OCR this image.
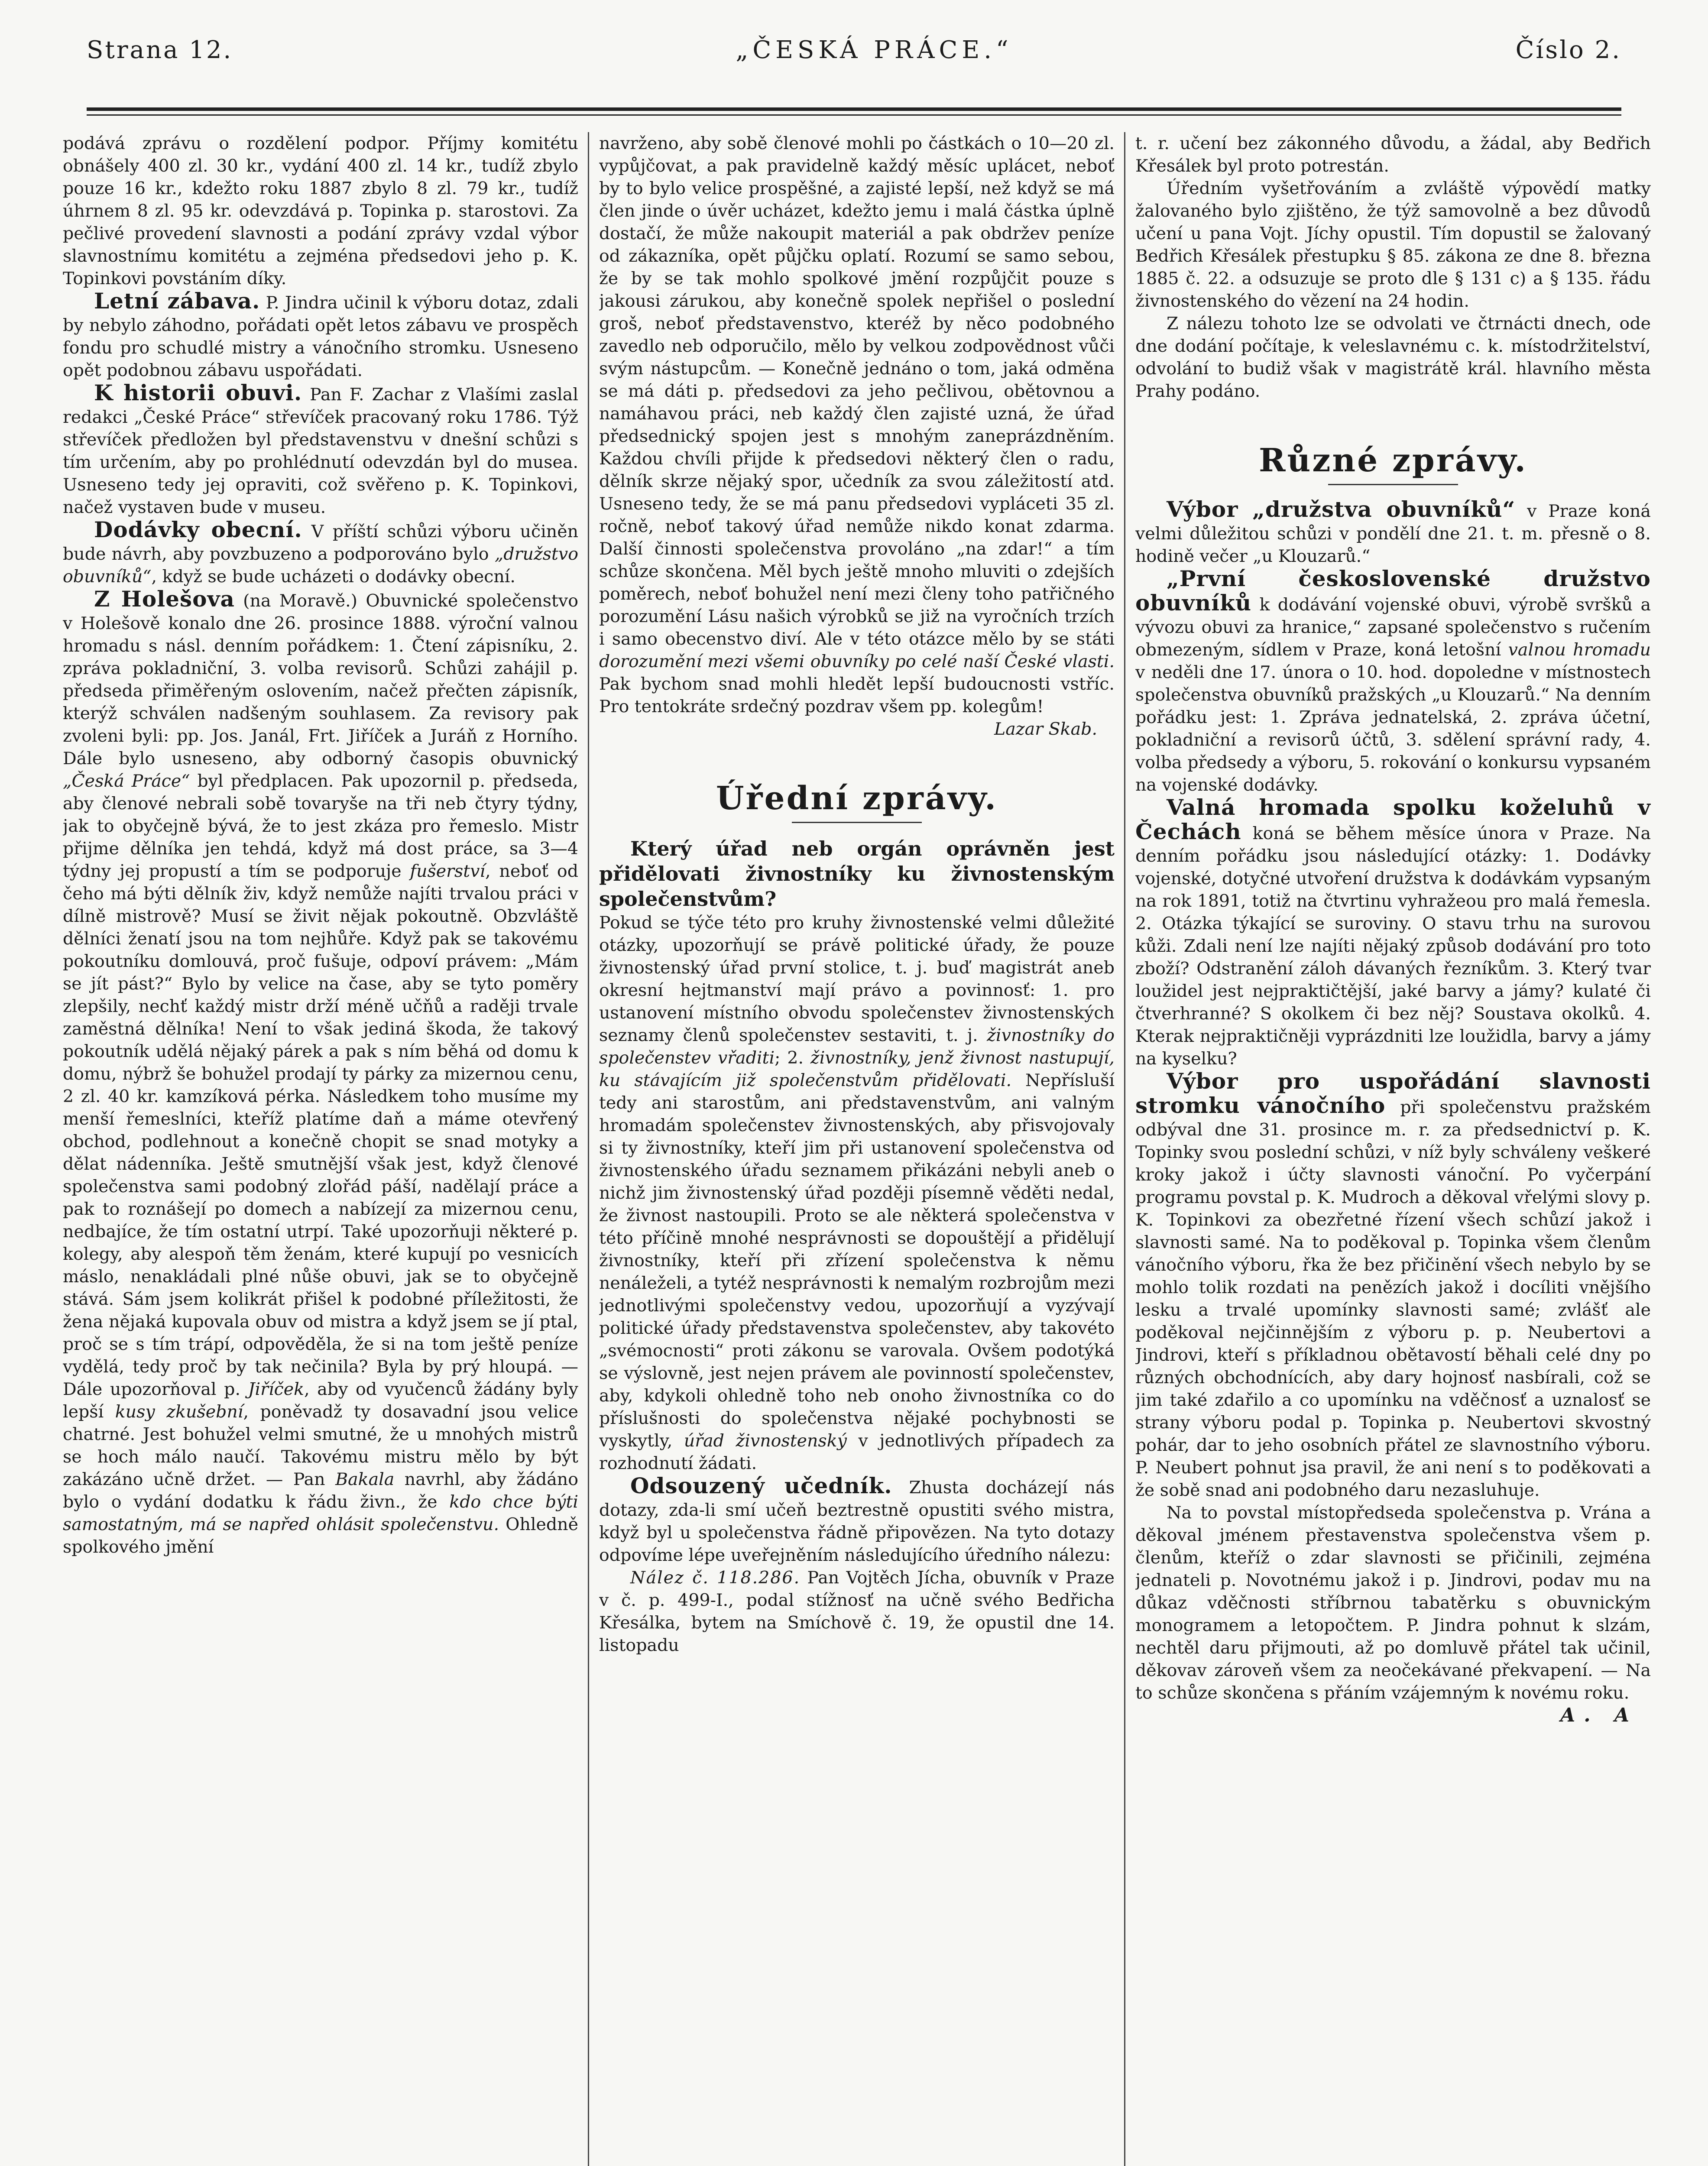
Strana 12.	„ČESKÁ PRÁCE.“	Číslo 2.

podává zprávu o rozdělení podpor. Příjmy komitétu obnášely 400 zl. 30 kr., vydání 400 zl. 14 kr., tudíž zbylo pouze 16 kr., kdežto roku 1887 zbylo 8 zl. 79 kr., tudíž úhrnem 8 zl. 95 kr. odevzdává p. Topinka p. starostovi. Za pečlivé provedení slavnosti a podání zprávy vzdal výbor slavnostnímu komitétu a zejména předsedovi jeho p. K. Topinkovi povstáním díky.

Letní zábava. P. Jindra učinil k výboru dotaz, zdali by nebylo záhodno, pořádati opět letos zábavu ve prospěch fondu pro schudlé mistry a vánočního stromku. Usneseno opět podobnou zábavu uspořádati.

K historii obuvi. Pan F. Zachar z Vlašími zaslal redakci „České Práce“ střevíček pracovaný roku 1786. Týž střevíček předložen byl představenstvu v dnešní schůzi s tím určením, aby po prohlédnutí odevzdán byl do musea. Usneseno tedy jej opraviti, což svěřeno p. K. Topinkovi, načež vystaven bude v museu.

Dodávky obecní. V příští schůzi výboru učiněn bude návrh, aby povzbuzeno a podporováno bylo „družstvo obuvníků“, když se bude ucházeti o dodávky obecní.

Z Holešova (na Moravě.) Obuvnické společenstvo v Holešově konalo dne 26. prosince 1888. výroční valnou hromadu s násl. denním pořádkem: 1. Čtení zápisníku, 2. zpráva pokladniční, 3. volba revisorů. Schůzi zahájil p. předseda přiměřeným oslovením, načež přečten zápisník, kterýž schválen nadšeným souhlasem. Za revisory pak zvoleni byli: pp. Jos. Janál, Frt. Jiříček a Juráň z Horního. Dále bylo usneseno, aby odborný časopis obuvnický „Česká Práce“ byl předplacen. Pak upozornil p. předseda, aby členové nebrali sobě tovaryše na tři neb čtyry týdny, jak to obyčejně bývá, že to jest zkáza pro řemeslo. Mistr přijme dělníka jen tehdá, když má dost práce, sa 3—4 týdny jej propustí a tím se podporuje fušerství, neboť od čeho má býti dělník živ, když nemůže najíti trvalou práci v dílně mistrově? Musí se živit nějak pokoutně. Obzvláště dělníci ženatí jsou na tom nejhůře. Když pak se takovému pokoutníku domlouvá, proč fušuje, odpoví právem: „Mám se jít pást?“ Bylo by velice na čase, aby se tyto poměry zlepšily, nechť každý mistr drží méně učňů a raději trvale zaměstná dělníka! Není to však jediná škoda, že takový pokoutník udělá nějaký párek a pak s ním běhá od domu k domu, nýbrž še bohužel prodají ty párky za mizernou cenu, 2 zl. 40 kr. kamzíková pérka. Následkem toho musíme my menší řemeslníci, kteříž platíme daň a máme otevřený obchod, podlehnout a konečně chopit se snad motyky a dělat nádenníka. Ještě smutnější však jest, když členové společenstva sami podobný zlořád páší, nadělají práce a pak to roznášejí po domech a nabízejí za mizernou cenu, nedbajíce, že tím ostatní utrpí. Také upozorňuji některé p. kolegy, aby alespoň těm ženám, které kupují po vesnicích máslo, nenakládali plné nůše obuvi, jak se to obyčejně stává. Sám jsem kolikrát přišel k podobné příležitosti, že žena nějaká kupovala obuv od mistra a když jsem se jí ptal, proč se s tím trápí, odpověděla, že si na tom ještě peníze vydělá, tedy proč by tak nečinila? Byla by prý hloupá. — Dále upozorňoval p. Jiříček, aby od vyučenců žádány byly lepší kusy zkušební, poněvadž ty dosavadní jsou velice chatrné. Jest bohužel velmi smutné, že u mnohých mistrů se hoch málo naučí. Takovému mistru mělo by být zakázáno učně držet. — Pan Bakala navrhl, aby žádáno bylo o vydání dodatku k řádu živn., že kdo chce býti samostatným, má se napřed ohlásit společenstvu. Ohledně spolkového jmění

navrženo, aby sobě členové mohli po částkách o 10—20 zl. vypůjčovat, a pak pravidelně každý měsíc uplácet, neboť by to bylo velice prospěšné, a zajisté lepší, než když se má člen jinde o úvěr ucházet, kdežto jemu i malá částka úplně dostačí, že může nakoupit materiál a pak obdržev peníze od zákazníka, opět půjčku oplatí. Rozumí se samo sebou, že by se tak mohlo spolkové jmění rozpůjčit pouze s jakousi zárukou, aby konečně spolek nepřišel o poslední groš, neboť představenstvo, kteréž by něco podobného zavedlo neb odporučilo, mělo by velkou zodpovědnost vůči svým nástupcům. — Konečně jednáno o tom, jaká odměna se má dáti p. předsedovi za jeho pečlivou, obětovnou a namáhavou práci, neb každý člen zajisté uzná, že úřad předsednický spojen jest s mnohým zaneprázdněním. Každou chvíli přijde k předsedovi některý člen o radu, dělník skrze nějaký spor, učedník za svou záležitostí atd. Usneseno tedy, že se má panu předsedovi vypláceti 35 zl. ročně, neboť takový úřad nemůže nikdo konat zdarma. Další činnosti společenstva provoláno „na zdar!“ a tím schůze skončena. Měl bych ještě mnoho mluviti o zdejších poměrech, neboť bohužel není mezi členy toho patřičného porozumění Lásu našich výrobků se již na vyročních trzích i samo obecenstvo diví. Ale v této otázce mělo by se státi dorozumění mezi všemi obuvníky po celé naší České vlasti. Pak bychom snad mohli hledět lepší budoucnosti vstříc. Pro tentokráte srdečný pozdrav všem pp. kolegům!

Lazar Skab.

Úřední zprávy.

Který úřad neb orgán oprávněn jest přidělovati živnostníky ku živnostenským společenstvům?

Pokud se týče této pro kruhy živnostenské velmi důležité otázky, upozorňují se právě politické úřady, že pouze živnostenský úřad první stolice, t. j. buď magistrát aneb okresní hejtmanství mají právo a povinnosť: 1. pro ustanovení místního obvodu společenstev živnostenských seznamy členů společenstev sestaviti, t. j. živnostníky do společenstev vřaditi; 2. živnostníky, jenž živnost nastupují, ku stávajícím již společenstvům přidělovati. Nepřísluší tedy ani starostům, ani představenstvům, ani valným hromadám společenstev živnostenských, aby přisvojovaly si ty živnostníky, kteří jim při ustanovení společenstva od živnostenského úřadu seznamem přikázáni nebyli aneb o nichž jim živnostenský úřad později písemně věděti nedal, že živnost nastoupili. Proto se ale některá společenstva v této příčině mnohé nesprávnosti se dopouštějí a přidělují živnostníky, kteří při zřízení společenstva k němu nenáleželi, a tytéž nesprávnosti k nemalým rozbrojům mezi jednotlivými společenstvy vedou, upozorňují a vyzývají politické úřady představenstva společenstev, aby takovéto „svémocnosti“ proti zákonu se varovala. Ovšem podotýká se výslovně, jest nejen právem ale povinností společenstev, aby, kdykoli ohledně toho neb onoho živnostníka co do příslušnosti do společenstva nějaké pochybnosti se vyskytly, úřad živnostenský v jednotlivých případech za rozhodnutí žádati.

Odsouzený učedník. Zhusta docházejí nás dotazy, zda-li smí učeň beztrestně opustiti svého mistra, když byl u společenstva řádně připovězen. Na tyto dotazy odpovíme lépe uveřejněním následujícího úředního nálezu:

Nález č. 118.286. Pan Vojtěch Jícha, obuvník v Praze v č. p. 499-I., podal stížnosť na učně svého Bedřicha Křesálka, bytem na Smíchově č. 19, že opustil dne 14. listopadu

t. r. učení bez zákonného důvodu, a žádal, aby Bedřich Křesálek byl proto potrestán.

Úředním vyšetřováním a zvláště výpovědí matky žalovaného bylo zjištěno, že týž samovolně a bez důvodů učení u pana Vojt. Jíchy opustil. Tím dopustil se žalovaný Bedřich Křesálek přestupku § 85. zákona ze dne 8. března 1885 č. 22. a odsuzuje se proto dle § 131 c) a § 135. řádu živnostenského do vězení na 24 hodin.

Z nálezu tohoto lze se odvolati ve čtrnácti dnech, ode dne dodání počítaje, k veleslavnému c. k. místodržitelství, odvolání to budiž však v magistrátě král. hlavního města Prahy podáno.

Různé zprávy.

Výbor „družstva obuvníků“ v Praze koná velmi důležitou schůzi v pondělí dne 21. t. m. přesně o 8. hodině večer „u Klouzarů.“

„První československé družstvo obuvníků k dodávání vojenské obuvi, výrobě svršků a vývozu obuvi za hranice,“ zapsané společenstvo s ručením obmezeným, sídlem v Praze, koná letošní valnou hromadu v neděli dne 17. února o 10. hod. dopoledne v místnostech společenstva obuvníků pražských „u Klouzarů.“ Na denním pořádku jest: 1. Zpráva jednatelská, 2. zpráva účetní, pokladniční a revisorů účtů, 3. sdělení správní rady, 4. volba předsedy a výboru, 5. rokování o konkursu vypsaném na vojenské dodávky.

Valná hromada spolku koželuhů v Čechách koná se během měsíce února v Praze. Na denním pořádku jsou následující otázky: 1. Dodávky vojenské, dotyčné utvoření družstva k dodávkám vypsaným na rok 1891, totiž na čtvrtinu vyhražeou pro malá řemesla. 2. Otázka týkající se suroviny. O stavu trhu na surovou kůži. Zdali není lze najíti nějaký způsob dodávání pro toto zboží? Odstranění záloh dávaných řezníkům. 3. Který tvar loužidel jest nejpraktičtější, jaké barvy a jámy? kulaté či čtverhranné? S okolkem či bez něj? Soustava okolků. 4. Kterak nejpraktičněji vyprázdniti lze loužidla, barvy a jámy na kyselku?

Výbor pro uspořádání slavnosti stromku vánočního při společenstvu pražském odbýval dne 31. prosince m. r. za předsednictví p. K. Topinky svou poslední schůzi, v níž byly schváleny veškeré kroky jakož i účty slavnosti vánoční. Po vyčerpání programu povstal p. K. Mudroch a děkoval vřelými slovy p. K. Topinkovi za obezřetné řízení všech schůzí jakož i slavnosti samé. Na to poděkoval p. Topinka všem členům vánočního výboru, řka že bez přičinění všech nebylo by se mohlo tolik rozdati na penězích jakož i docíliti vnějšího lesku a trvalé upomínky slavnosti samé; zvlášť ale poděkoval nejčinnějším z výboru p. p. Neubertovi a Jindrovi, kteří s příkladnou obětavostí běhali celé dny po různých obchodnících, aby dary hojnosť nasbírali, což se jim také zdařilo a co upomínku na vděčnosť a uznalosť se strany výboru podal p. Topinka p. Neubertovi skvostný pohár, dar to jeho osobních přátel ze slavnostního výboru. P. Neubert pohnut jsa pravil, že ani není s to poděkovati a že sobě snad ani podobného daru nezasluhuje.

Na to povstal místopředseda společenstva p. Vrána a děkoval jménem přestavenstva společenstva všem p. členům, kteříž o zdar slavnosti se přičinili, zejména jednateli p. Novotnému jakož i p. Jindrovi, podav mu na důkaz vděčnosti stříbrnou tabatěrku s obuvnickým monogramem a letopočtem. P. Jindra pohnut k slzám, nechtěl daru přijmouti, až po domluvě přátel tak učinil, děkovav zároveň všem za neočekávané překvapení. — Na to schůze skončena s přáním vzájemným k novému roku.

A. A
